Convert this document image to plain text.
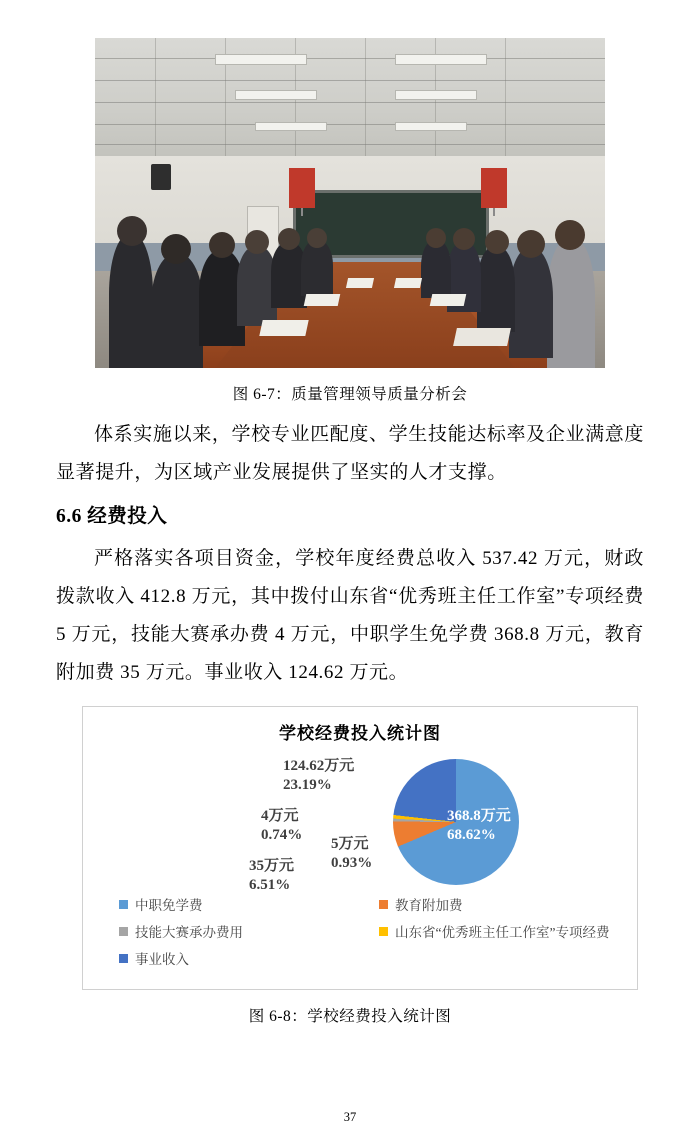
图 6-7：质量管理领导质量分析会

体系实施以来，学校专业匹配度、学生技能达标率及企业满意度显著提升，为区域产业发展提供了坚实的人才支撑。

6.6 经费投入

严格落实各项目资金，学校年度经费总收入 537.42 万元，财政拨款收入 412.8 万元，其中拨付山东省“优秀班主任工作室”专项经费 5 万元，技能大赛承办费 4 万元，中职学生免学费 368.8 万元，教育附加费 35 万元。事业收入 124.62 万元。

学校经费投入统计图
124.62万元
23.19%
4万元
0.74%
5万元
0.93%
35万元
6.51%
368.8万元
68.62%
中职免学费	教育附加费
技能大赛承办费用	山东省“优秀班主任工作室”专项经费
事业收入
图 6-8：学校经费投入统计图
37
